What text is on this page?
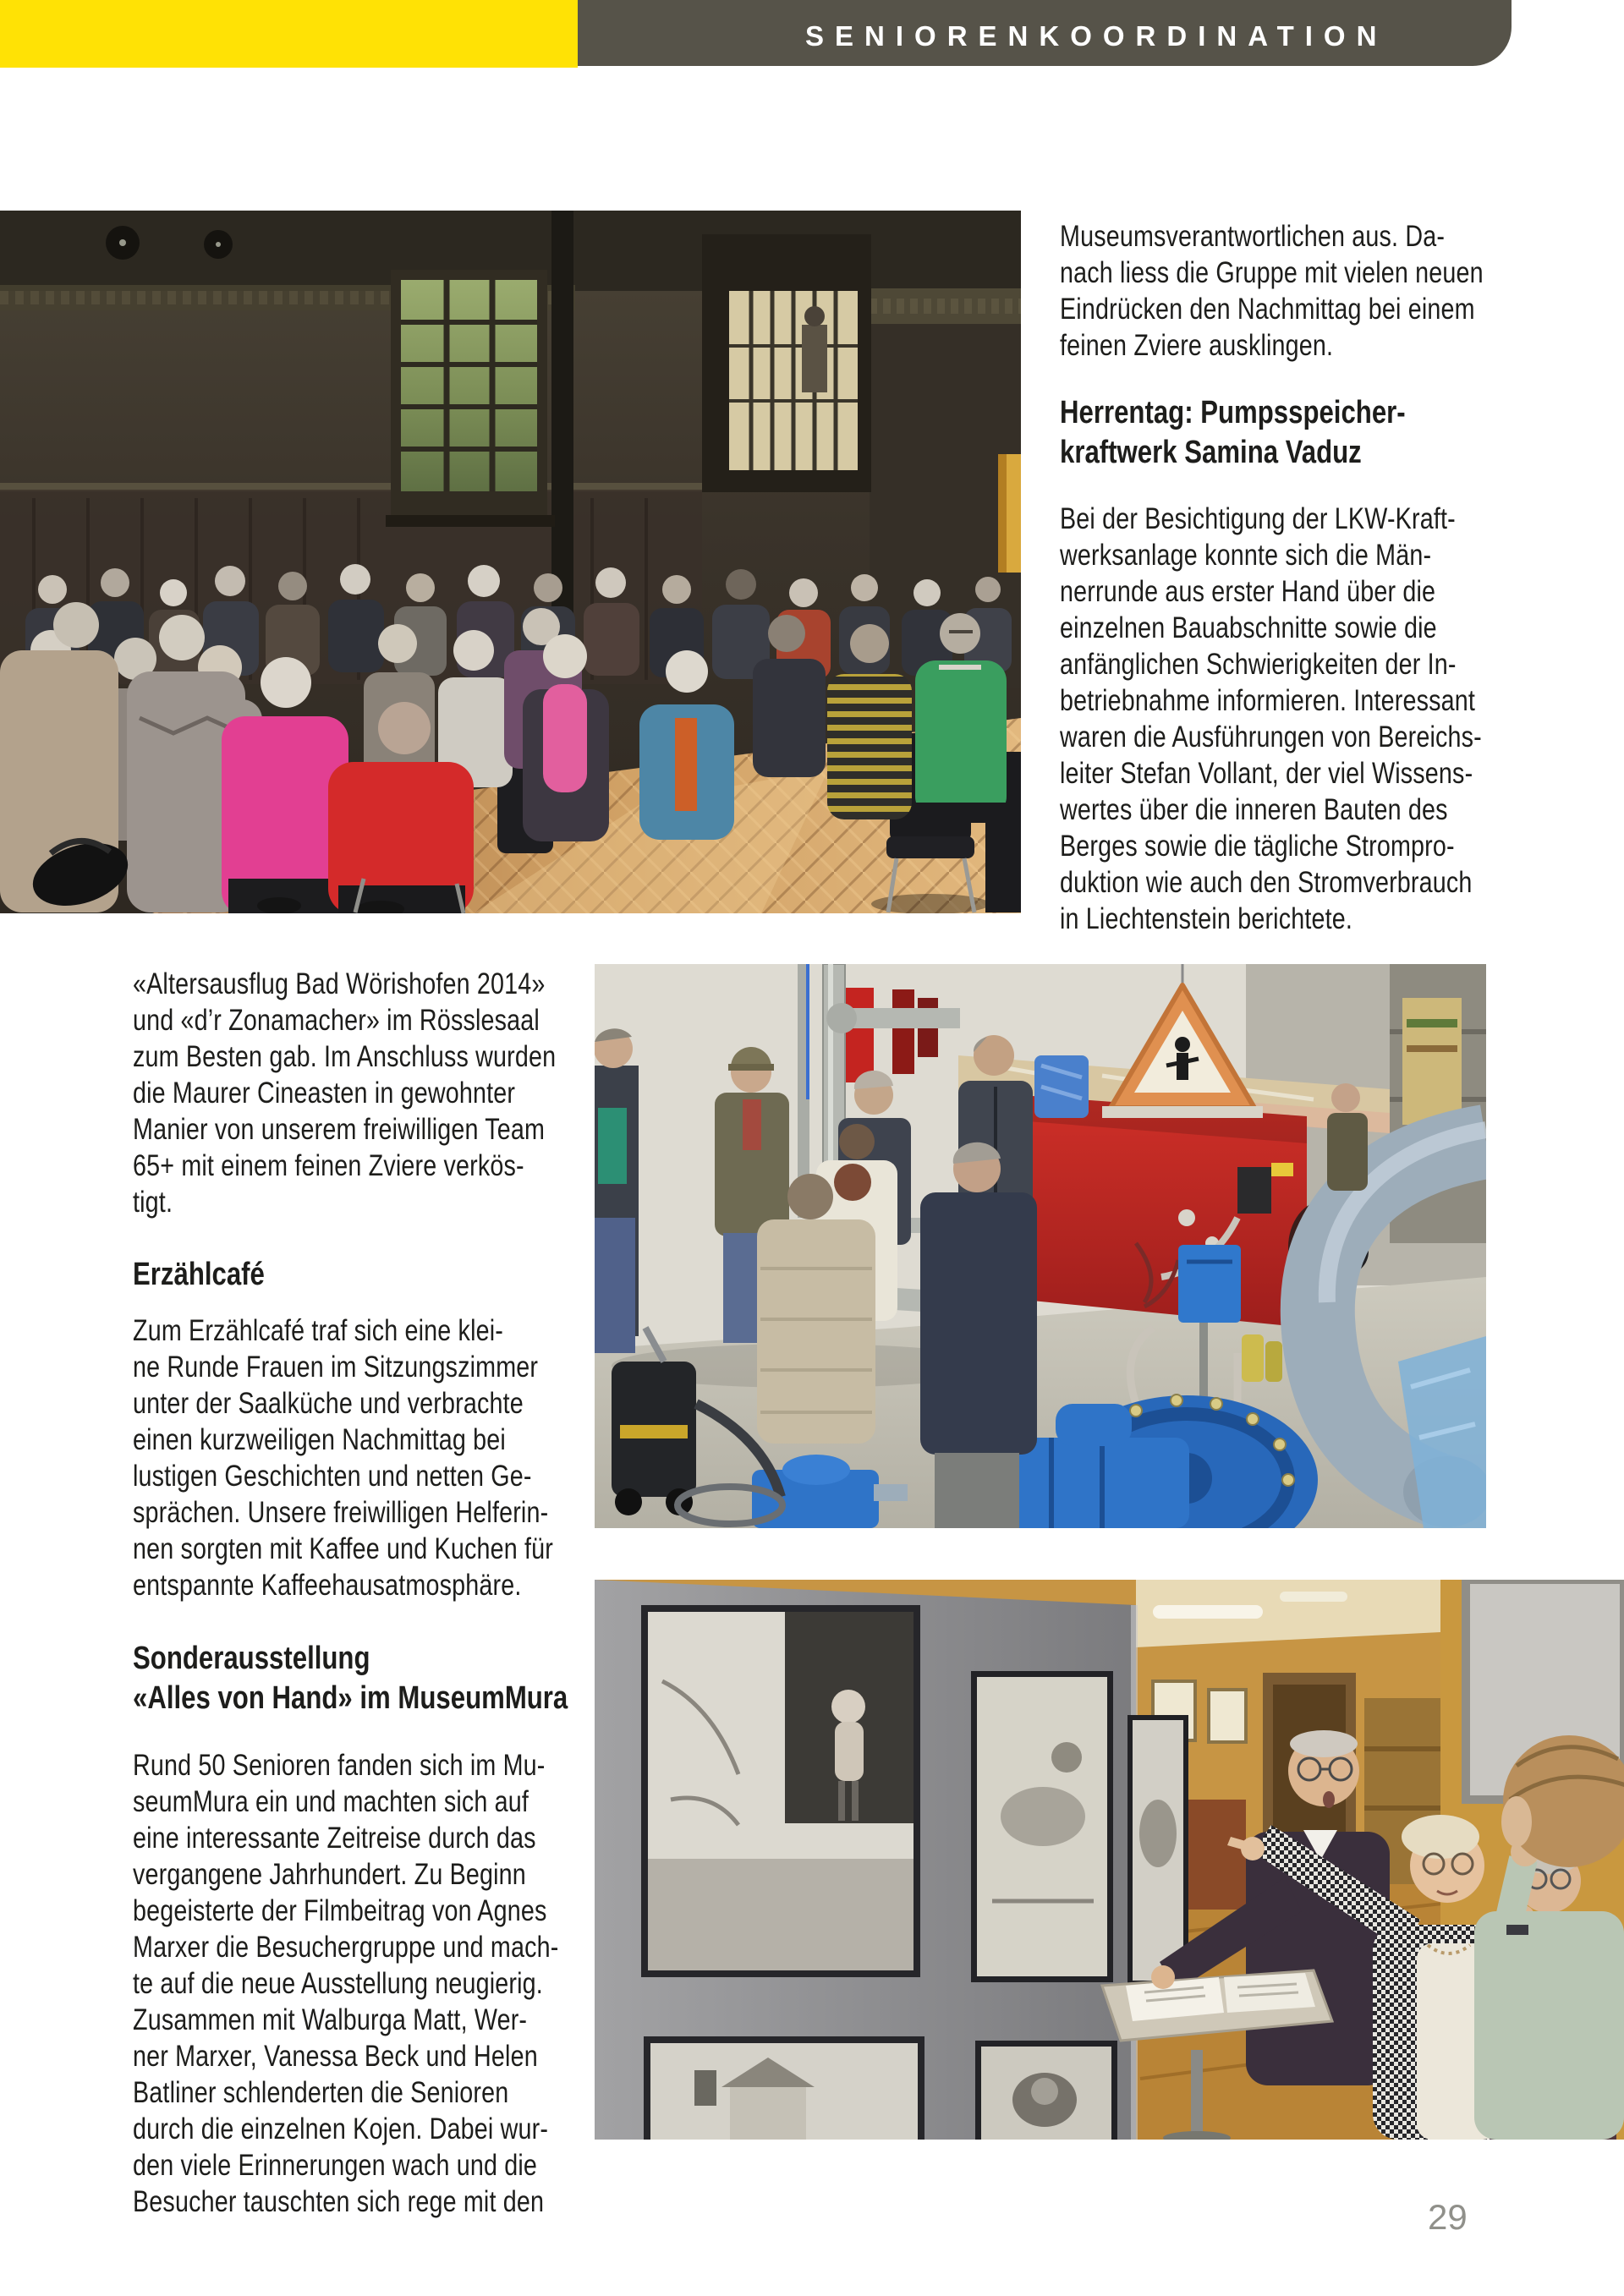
SENIORENKOORDINATION
Museumsverantwortlichen aus. Da-
nach liess die Gruppe mit vielen neuen
Eindrücken den Nachmittag bei einem
feinen Zviere ausklingen.
Herrentag: Pumpsspeicher-
kraftwerk Samina Vaduz
Bei der Besichtigung der LKW-Kraft-
werksanlage konnte sich die Män-
nerrunde aus erster Hand über die
einzelnen Bauabschnitte sowie die
anfänglichen Schwierigkeiten der In-
betriebnahme informieren. Interessant
waren die Ausführungen von Bereichs-
leiter Stefan Vollant, der viel Wissens-
wertes über die inneren Bauten des
Berges sowie die tägliche Strompro-
duktion wie auch den Stromverbrauch
in Liechtenstein berichtete.
«Altersausflug Bad Wörishofen 2014»
und «d’r Zonamacher» im Rösslesaal
zum Besten gab. Im Anschluss wurden
die Maurer Cineasten in gewohnter
Manier von unserem freiwilligen Team
65+ mit einem feinen Zviere verkös-
tigt.
Erzählcafé
Zum Erzählcafé traf sich eine klei-
ne Runde Frauen im Sitzungszimmer
unter der Saalküche und verbrachte
einen kurzweiligen Nachmittag bei
lustigen Geschichten und netten Ge-
sprächen. Unsere freiwilligen Helferin-
nen sorgten mit Kaffee und Kuchen für
entspannte Kaffeehausatmosphäre.
Sonderausstellung
«Alles von Hand» im MuseumMura
Rund 50 Senioren fanden sich im Mu-
seumMura ein und machten sich auf
eine interessante Zeitreise durch das
vergangene Jahrhundert. Zu Beginn
begeisterte der Filmbeitrag von Agnes
Marxer die Besuchergruppe und mach-
te auf die neue Ausstellung neugierig.
Zusammen mit Walburga Matt, Wer-
ner Marxer, Vanessa Beck und Helen
Batliner schlenderten die Senioren
durch die einzelnen Kojen. Dabei wur-
den viele Erinnerungen wach und die
Besucher tauschten sich rege mit den	29
